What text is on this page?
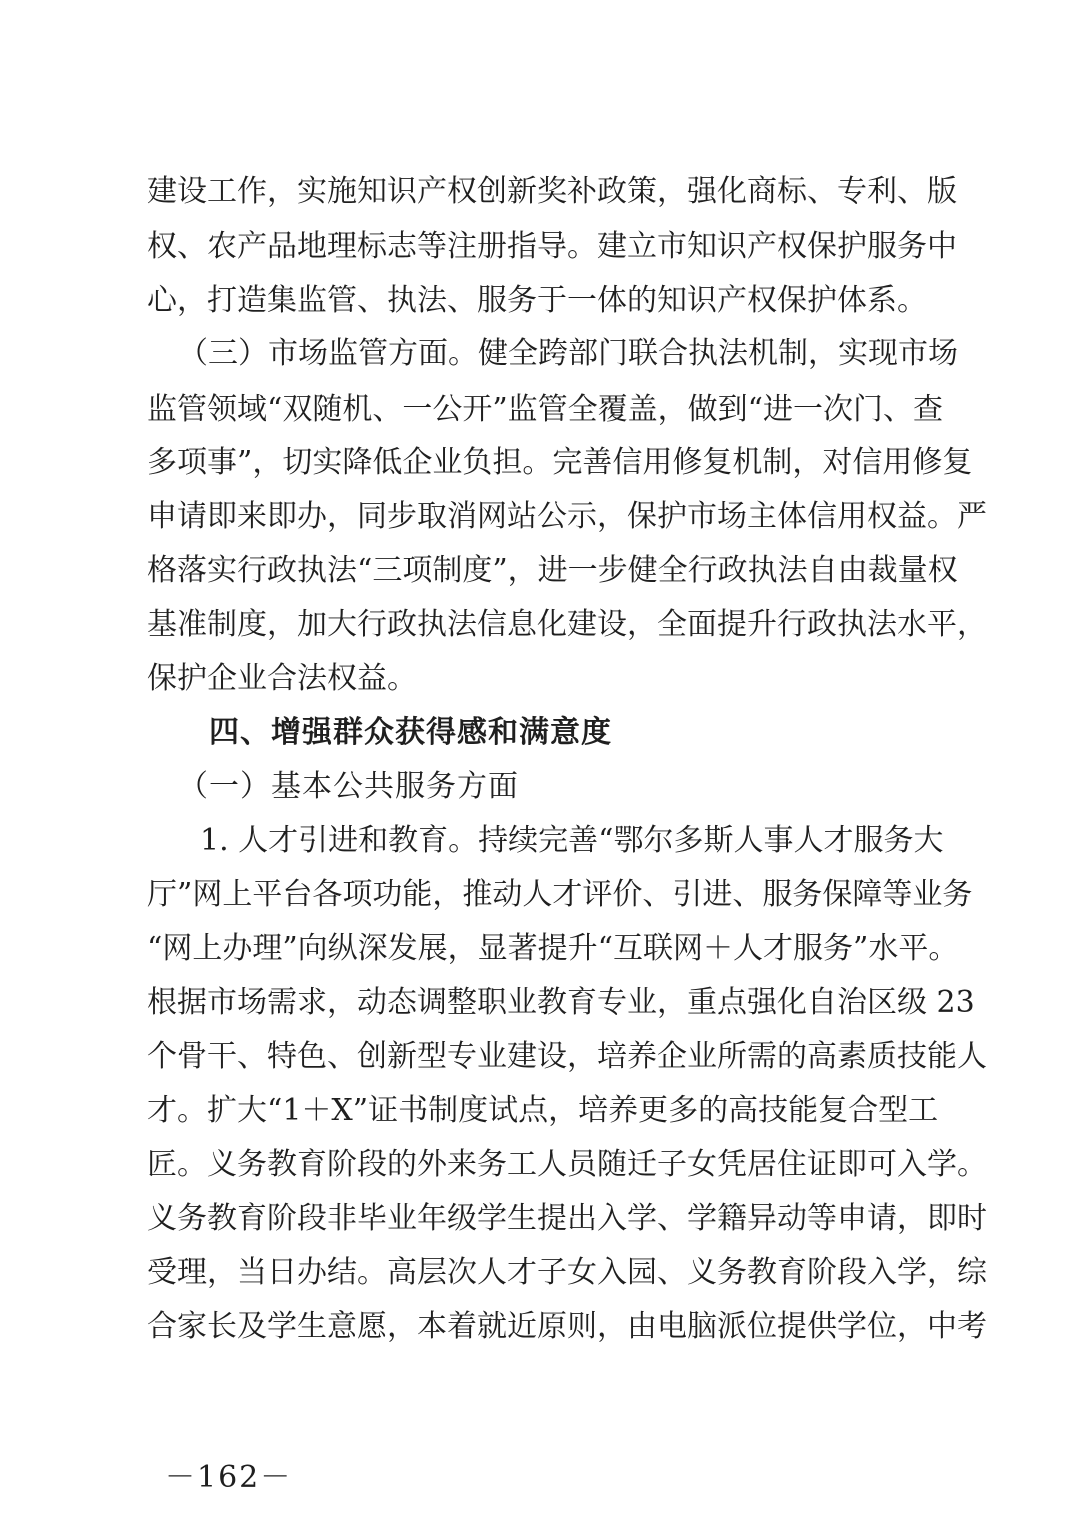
建设工作，实施知识产权创新奖补政策，强化商标、专利、版
权、农产品地理标志等注册指导。建立市知识产权保护服务中
心，打造集监管、执法、服务于一体的知识产权保护体系。
（三）市场监管方面。健全跨部门联合执法机制，实现市场
监管领域“双随机、一公开”监管全覆盖，做到“进一次门、查
多项事”，切实降低企业负担。完善信用修复机制，对信用修复
申请即来即办，同步取消网站公示，保护市场主体信用权益。严
格落实行政执法“三项制度”，进一步健全行政执法自由裁量权
基准制度，加大行政执法信息化建设，全面提升行政执法水平，
保护企业合法权益。
四、增强群众获得感和满意度
（一）基本公共服务方面
1. 人才引进和教育。持续完善“鄂尔多斯人事人才服务大
厅”网上平台各项功能，推动人才评价、引进、服务保障等业务
“网上办理”向纵深发展，显著提升“互联网＋人才服务”水平。
根据市场需求，动态调整职业教育专业，重点强化自治区级 23
个骨干、特色、创新型专业建设，培养企业所需的高素质技能人
才。扩大“1＋X”证书制度试点，培养更多的高技能复合型工
匠。义务教育阶段的外来务工人员随迁子女凭居住证即可入学。
义务教育阶段非毕业年级学生提出入学、学籍异动等申请，即时
受理，当日办结。高层次人才子女入园、义务教育阶段入学，综
合家长及学生意愿，本着就近原则，由电脑派位提供学位，中考
－162－
